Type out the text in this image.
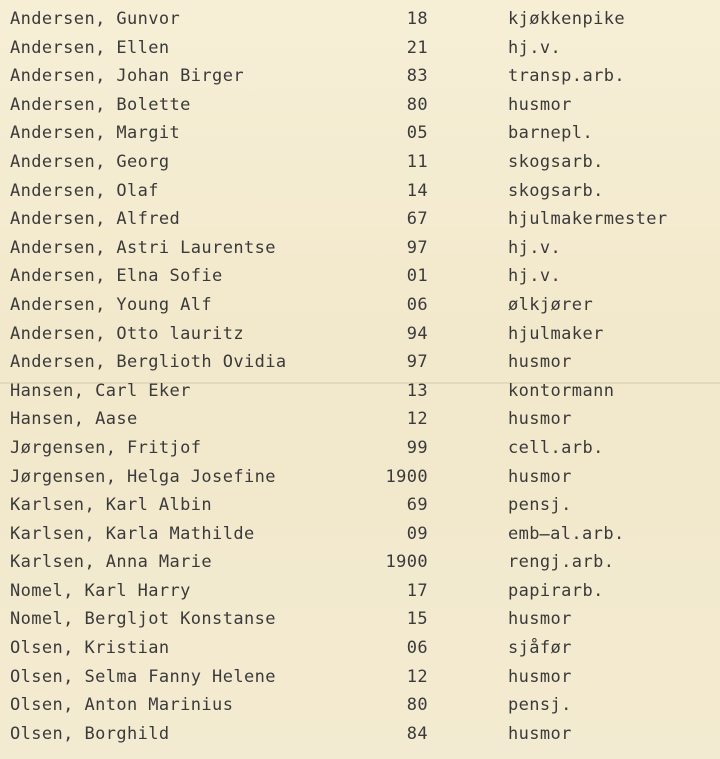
Andersen, Gunvor	18	kjøkkenpike
Andersen, Ellen	21	hj.v.
Andersen, Johan Birger	83	transp.arb.
Andersen, Bolette	80	husmor
Andersen, Margit	05	barnepl.
Andersen, Georg	11	skogsarb.
Andersen, Olaf	14	skogsarb.
Andersen, Alfred	67	hjulmakermester
Andersen, Astri Laurentse	97	hj.v.
Andersen, Elna Sofie	01	hj.v.
Andersen, Young Alf	06	ølkjører
Andersen, Otto lauritz	94	hjulmaker
Andersen, Berglioth Ovidia	97	husmor
Hansen, Carl Eker	13	kontormann
Hansen, Aase	12	husmor
Jørgensen, Fritjof	99	cell.arb.
Jørgensen, Helga Josefine	1900	husmor
Karlsen, Karl Albin	69	pensj.
Karlsen, Karla Mathilde	09	emb̶al.arb.
Karlsen, Anna Marie	1900	rengj.arb.
Nomel, Karl Harry	17	papirarb.
Nomel, Bergljot Konstanse	15	husmor
Olsen, Kristian	06	sjåfør
Olsen, Selma Fanny Helene	12	husmor
Olsen, Anton Marinius	80	pensj.
Olsen, Borghild	84	husmor
